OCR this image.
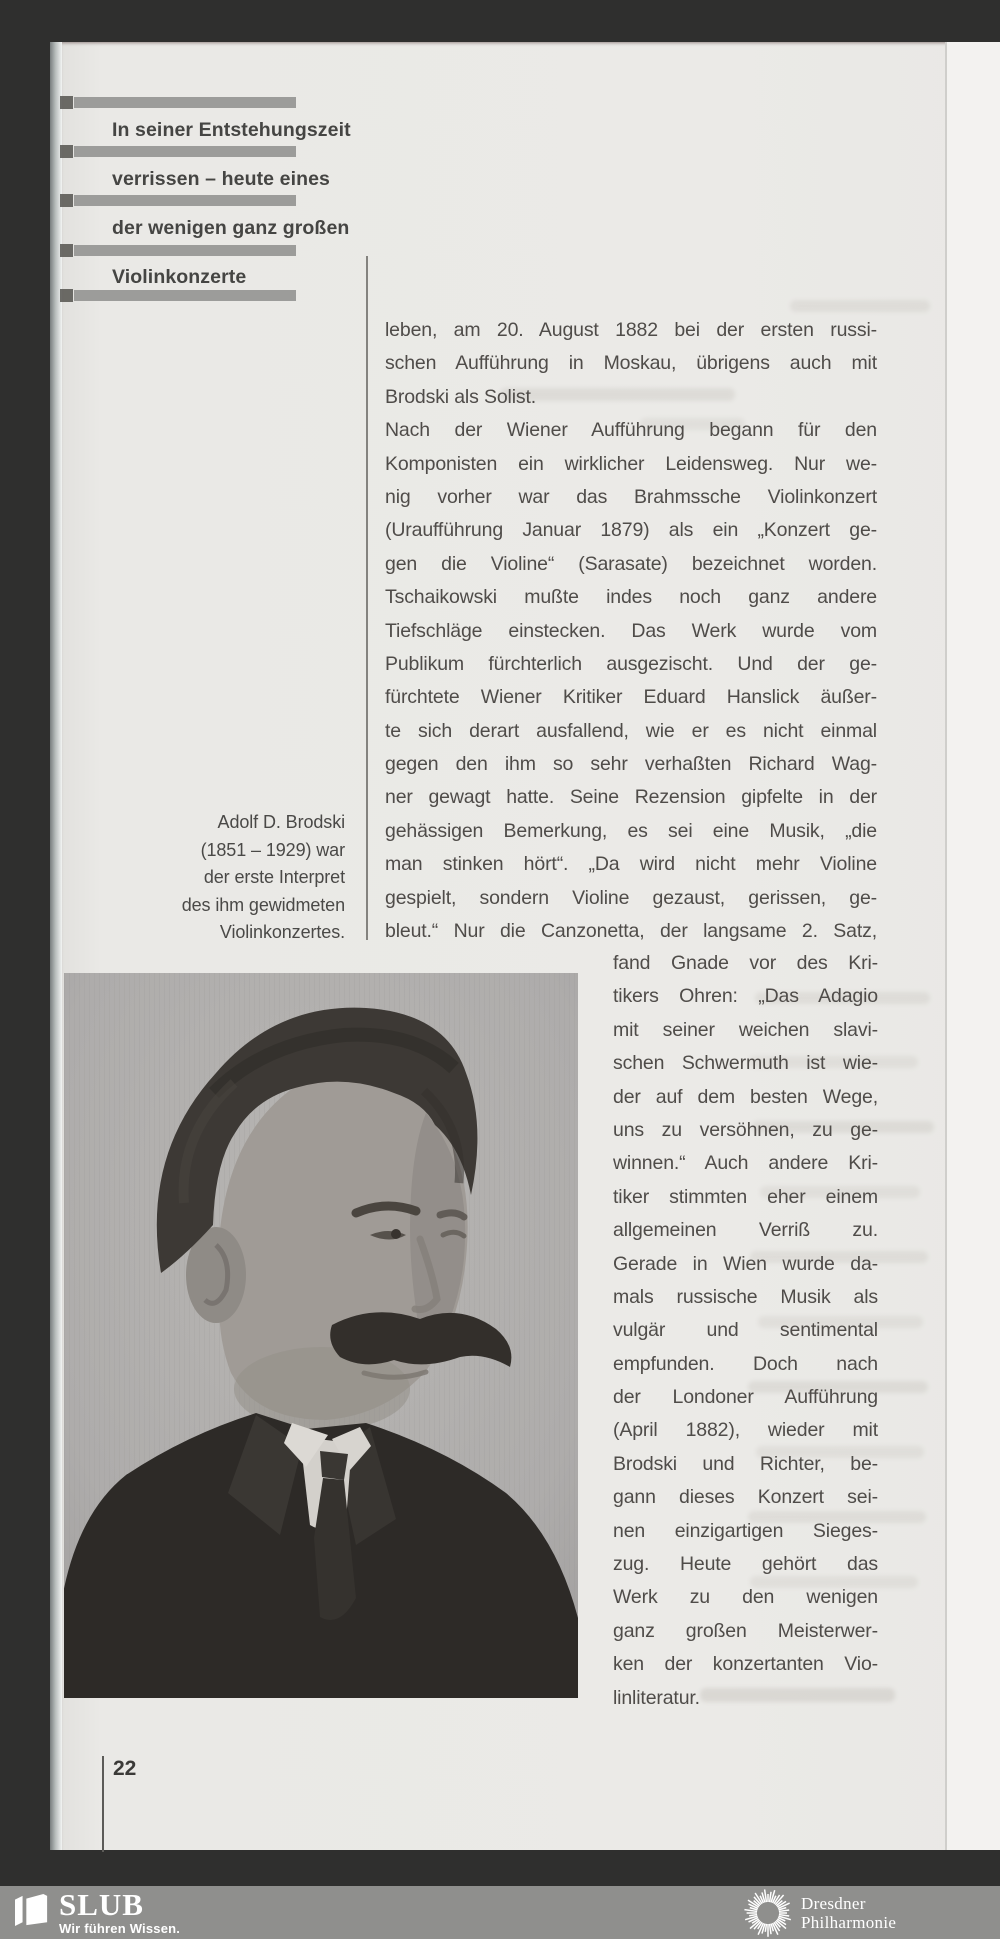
In seiner Entstehungszeit
verrissen – heute eines
der wenigen ganz großen
Violinkonzerte
leben, am 20. August 1882 bei der ersten russi-
schen Aufführung in Moskau, übrigens auch mit
Brodski als Solist.
Nach der Wiener Aufführung begann für den
Komponisten ein wirklicher Leidensweg. Nur we-
nig vorher war das Brahmssche Violinkonzert
(Uraufführung Januar 1879) als ein „Konzert ge-
gen die Violine“ (Sarasate) bezeichnet worden.
Tschaikowski mußte indes noch ganz andere
Tiefschläge einstecken. Das Werk wurde vom
Publikum fürchterlich ausgezischt. Und der ge-
fürchtete Wiener Kritiker Eduard Hanslick äußer-
te sich derart ausfallend, wie er es nicht einmal
gegen den ihm so sehr verhaßten Richard Wag-
ner gewagt hatte. Seine Rezension gipfelte in der
gehässigen Bemerkung, es sei eine Musik, „die
man stinken hört“. „Da wird nicht mehr Violine
gespielt, sondern Violine gezaust, gerissen, ge-
bleut.“ Nur die Canzonetta, der langsame 2. Satz,
fand Gnade vor des Kri-
tikers Ohren: „Das Adagio
mit seiner weichen slavi-
schen Schwermuth ist wie-
der auf dem besten Wege,
uns zu versöhnen, zu ge-
winnen.“ Auch andere Kri-
tiker stimmten eher einem
allgemeinen Verriß zu.
Gerade in Wien wurde da-
mals russische Musik als
vulgär und sentimental
empfunden. Doch nach
der Londoner Aufführung
(April 1882), wieder mit
Brodski und Richter, be-
gann dieses Konzert sei-
nen einzigartigen Sieges-
zug. Heute gehört das
Werk zu den wenigen
ganz großen Meisterwer-
ken der konzertanten Vio-
linliteratur.
Adolf D. Brodski
(1851 – 1929) war
der erste Interpret
des ihm gewidmeten
Violinkonzertes.
22
SLUB
Wir führen Wissen.
Dresdner
Philharmonie
